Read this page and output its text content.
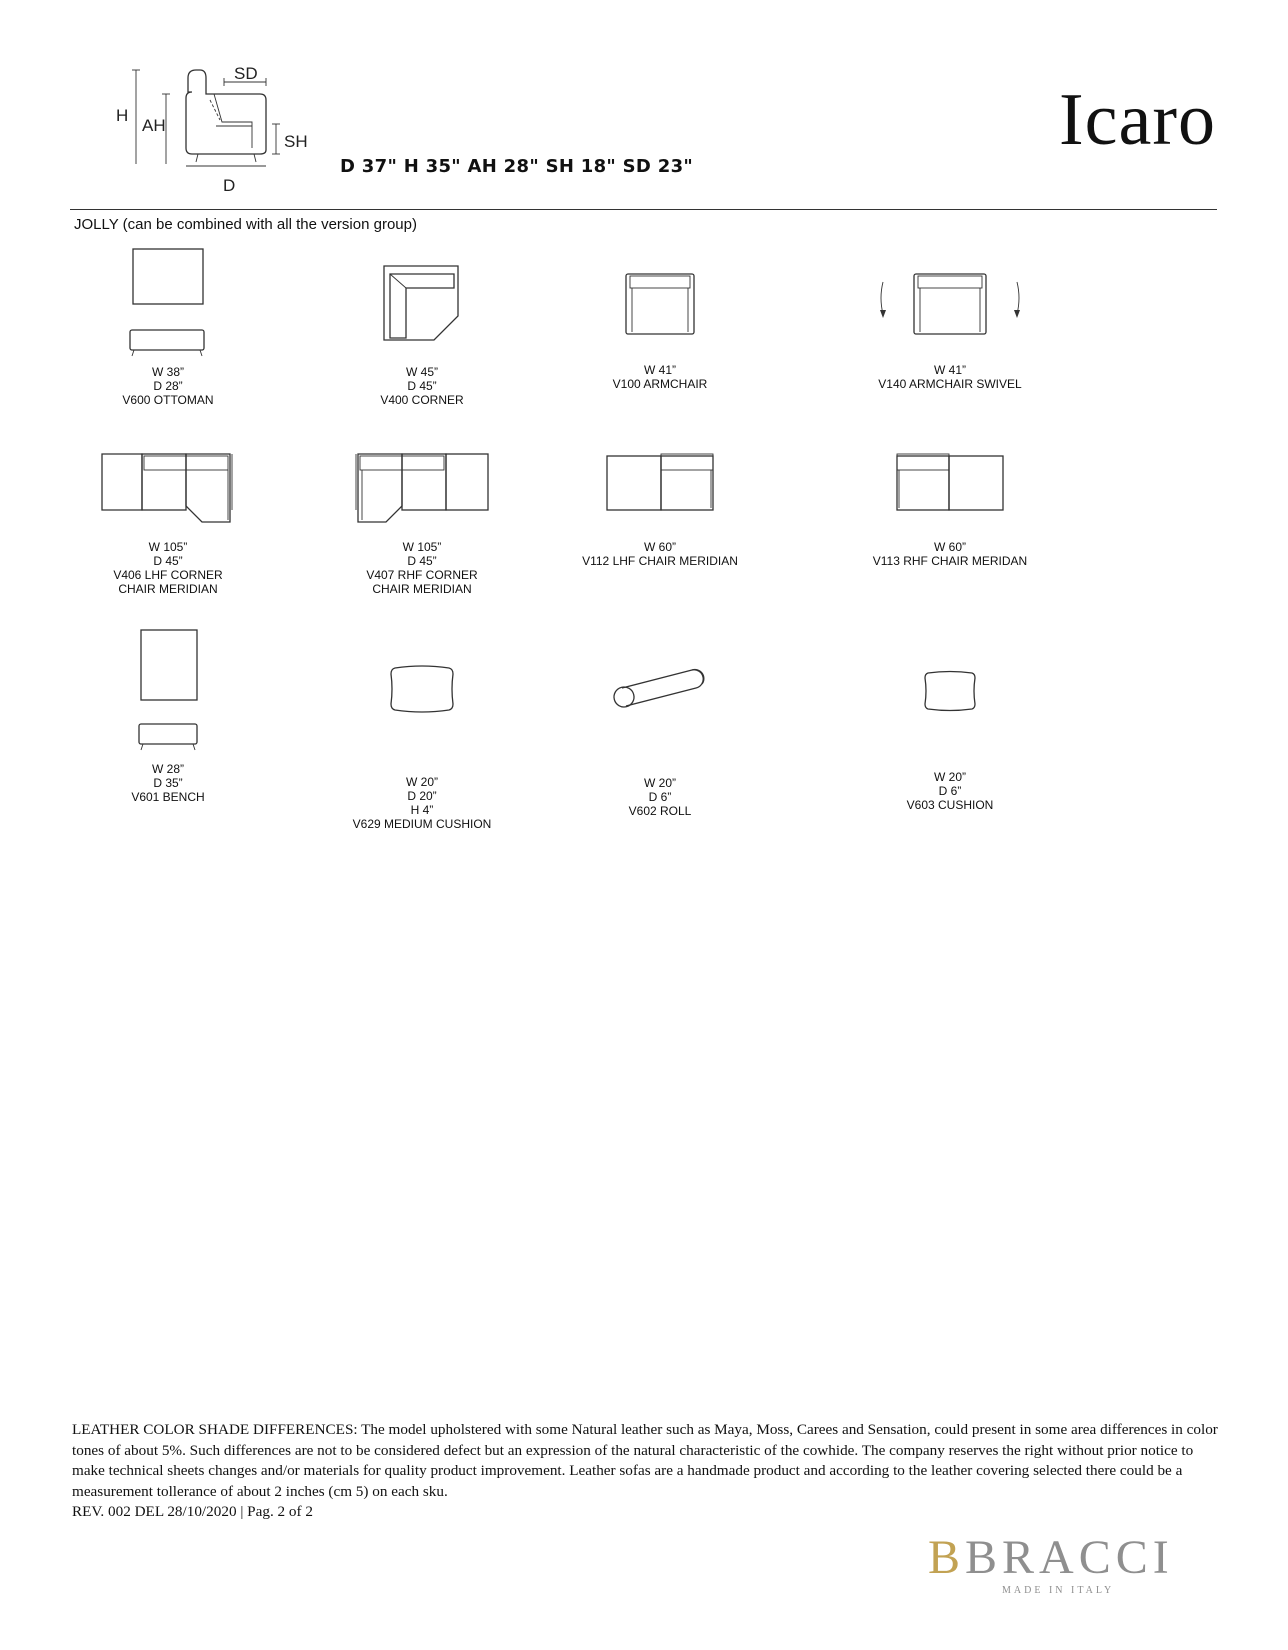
H
AH
SD
SH
D
D 37" H 35" AH 28" SH 18" SD 23"
Icaro
JOLLY (can be combined with all the version group)
W 38”
D 28”
V600 OTTOMAN
W 45”
D 45”
V400 CORNER
W 41”
V100 ARMCHAIR
W 41”
V140 ARMCHAIR SWIVEL
W 105”
D 45”
V406 LHF CORNER
CHAIR MERIDIAN
W 105”
D 45”
V407 RHF CORNER
CHAIR MERIDIAN
W 60”
V112 LHF CHAIR MERIDIAN
W 60”
V113 RHF CHAIR MERIDAN
W 28”
D 35”
V601 BENCH
W 20”
D 20”
H 4”
V629 MEDIUM CUSHION
W 20”
D 6”
V602 ROLL
W 20”
D 6”
V603 CUSHION

LEATHER COLOR SHADE DIFFERENCES: The model upholstered with some Natural leather such as Maya, Moss, Carees and Sensation, could present in some area differences in color tones of about 5%. Such differences are not to be considered defect but an expression of the natural characteristic of the cowhide. The company reserves the right without prior notice to make technical sheets changes and/or materials for quality product improvement. Leather sofas are a handmade product and according to the leather covering selected there could be a measurement tollerance of about 2 inches (cm 5) on each sku.

REV. 002 DEL 28/10/2020 | Pag. 2 of 2

BBRACCI
MADE IN ITALY
